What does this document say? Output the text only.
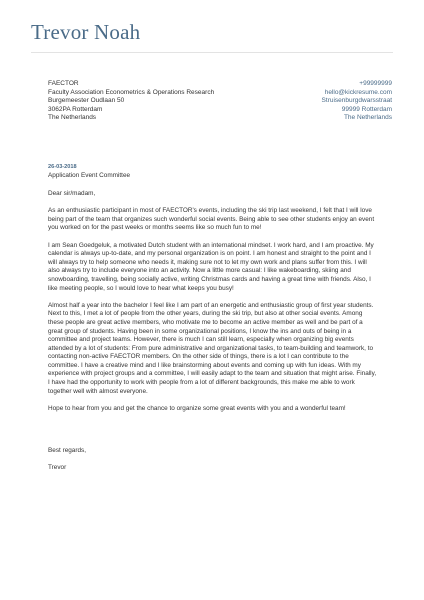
Trevor Noah
FAECTOR
Faculty Association Econometrics & Operations Research
Burgemeester Oudlaan 50
3062PA Rotterdam
The Netherlands
+99999999
hello@kickresume.com
Struisenburgdwarsstraat
99999 Rotterdam
The Netherlands
26-03-2018
Application Event Committee

Dear sir/madam,

As an enthusiastic participant in most of FAECTOR's events, including the ski trip last weekend, I felt that I will love being part of the team that organizes such wonderful social events. Being able to see other students enjoy an event you worked on for the past weeks or months seems like so much fun to me!

I am Sean Goedgeluk, a motivated Dutch student with an international mindset. I work hard, and I am proactive. My calendar is always up-to-date, and my personal organization is on point. I am honest and straight to the point and I will always try to help someone who needs it, making sure not to let my own work and plans suffer from this. I will also always try to include everyone into an activity. Now a little more casual: I like wakeboarding, skiing and snowboarding, travelling, being socially active, writing Christmas cards and having a great time with friends. Also, I like meeting people, so I would love to hear what keeps you busy!

Almost half a year into the bachelor I feel like I am part of an energetic and enthusiastic group of first year students. Next to this, I met a lot of people from the other years, during the ski trip, but also at other social events. Among these people are great active members, who motivate me to become an active member as well and be part of a great group of students. Having been in some organizational positions, I know the ins and outs of being in a committee and project teams. However, there is much I can still learn, especially when organizing big events attended by a lot of students: From pure administrative and organizational tasks, to team-building and teamwork, to contacting non-active FAECTOR members. On the other side of things, there is a lot I can contribute to the committee. I have a creative mind and I like brainstorming about events and coming up with fun ideas. With my experience with project groups and a committee, I will easily adapt to the team and situation that might arise. Finally, I have had the opportunity to work with people from a lot of different backgrounds, this make me able to work together well with almost everyone.

Hope to hear from you and get the chance to organize some great events with you and a wonderful team!

Best regards,

Trevor
